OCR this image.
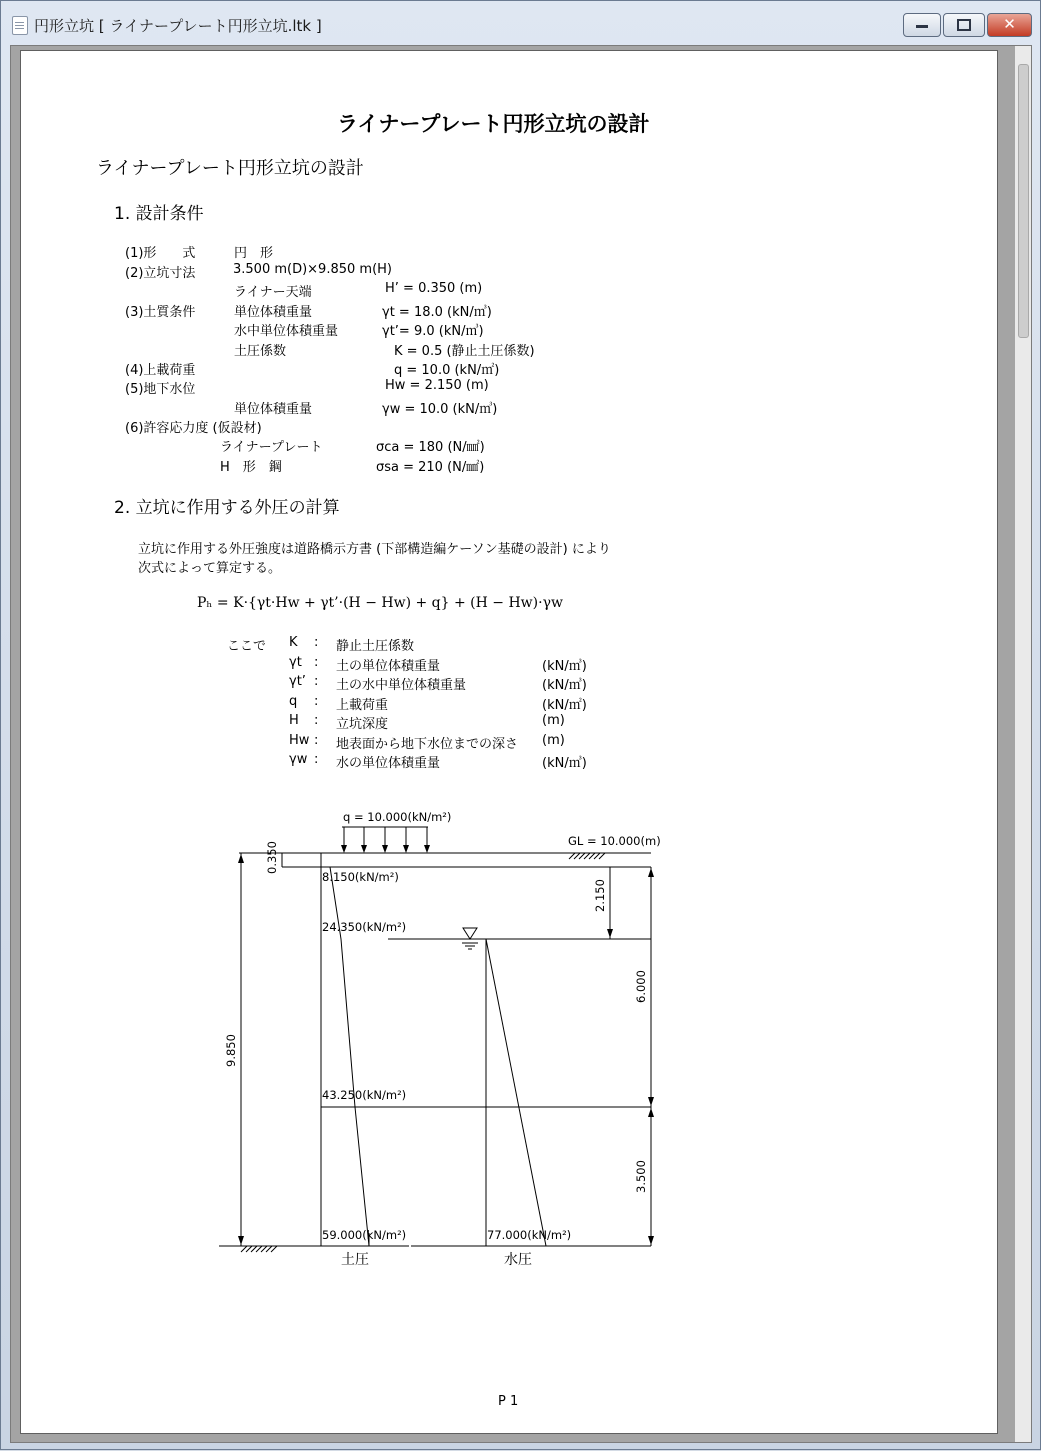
円形立坑 [ ライナープレート円形立坑.ltk ]	✕
ライナープレート円形立坑の設計
ライナープレート円形立坑の設計
1. 設計条件
(1)形　　式	円　形
(2)立坑寸法	3.500 m(D)×9.850 m(H)
ライナー天端	H’ = 0.350 (m)
(3)土質条件	単位体積重量	γt = 18.0 (kN/㎥)
水中単位体積重量	γt’= 9.0 (kN/㎥)
土圧係数	K = 0.5 (静止土圧係数)
(4)上載荷重	q = 10.0 (kN/㎡)
(5)地下水位	Hw = 2.150 (m)
単位体積重量	γw = 10.0 (kN/㎥)
(6)許容応力度 (仮設材)
ライナープレート	σca = 180 (N/㎟)
H　形　鋼	σsa = 210 (N/㎟)
2. 立坑に作用する外圧の計算
立坑に作用する外圧強度は道路橋示方書 (下部構造編ケーソン基礎の設計) により
次式によって算定する。
Pₕ = K·{γt·Hw + γt’·(H − Hw) + q} + (H − Hw)·γw
ここで K : 静止土圧係数
γt : 土の単位体積重量	(kN/㎥)
γt’ : 土の水中単位体積重量	(kN/㎥)
q : 上載荷重	(kN/㎡)
H : 立坑深度	(m)
Hw : 地表面から地下水位までの深さ (m)
γw : 水の単位体積重量	(kN/㎥)
q = 10.000(kN/m²)
GL = 10.000(m)
0.350
9.850
2.150
6.000
3.500
8.150(kN/m²)
24.350(kN/m²)
43.250(kN/m²)
59.000(kN/m²)	77.000(kN/m²)
土圧	水圧
P 1
